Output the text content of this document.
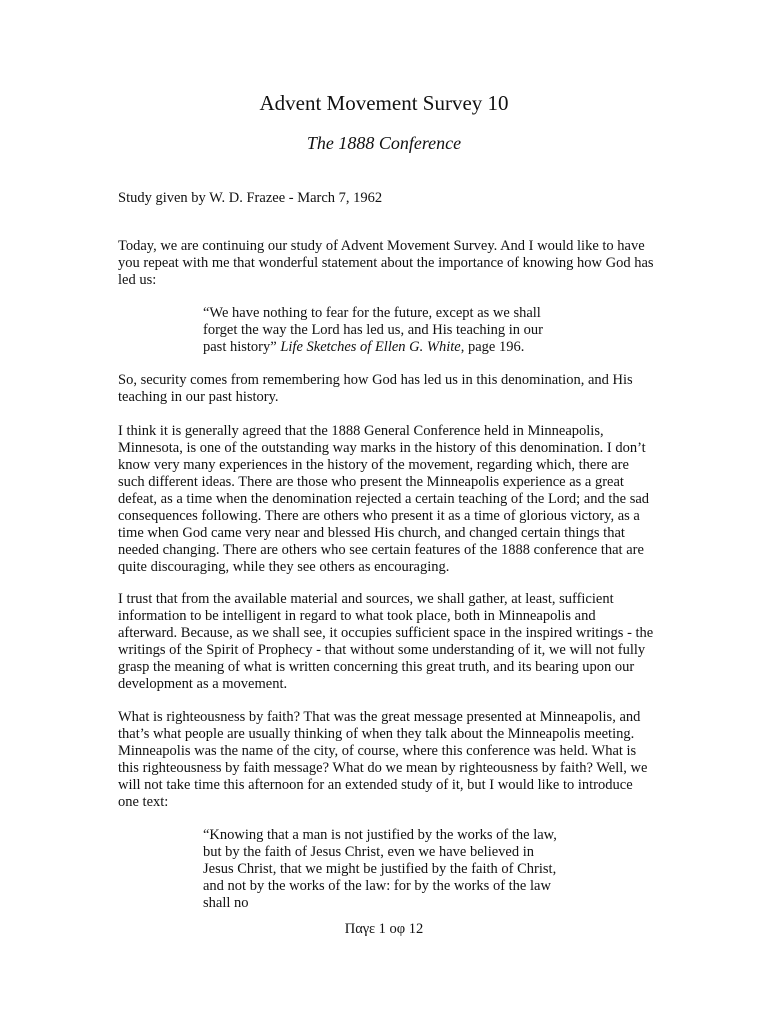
Advent Movement Survey 10
The 1888 Conference
Study given by W. D. Frazee - March 7, 1962

Today, we are continuing our study of Advent Movement Survey. And I would like to have you repeat with me that wonderful statement about the importance of knowing how God has led us:

“We have nothing to fear for the future, except as we shall forget the way the Lord has led us, and His teaching in our past history” Life Sketches of Ellen G. White, page 196.

So, security comes from remembering how God has led us in this denomination, and His teaching in our past history.

I think it is generally agreed that the 1888 General Conference held in Minneapolis, Minnesota, is one of the outstanding way marks in the history of this denomination. I don’t know very many experiences in the history of the movement, regarding which, there are such different ideas. There are those who present the Minneapolis experience as a great defeat, as a time when the denomination rejected a certain teaching of the Lord; and the sad consequences following. There are others who present it as a time of glorious victory, as a time when God came very near and blessed His church, and changed certain things that needed changing. There are others who see certain features of the 1888 conference that are quite discouraging, while they see others as encouraging.

I trust that from the available material and sources, we shall gather, at least, sufficient information to be intelligent in regard to what took place, both in Minneapolis and afterward. Because, as we shall see, it occupies sufficient space in the inspired writings - the writings of the Spirit of Prophecy - that without some understanding of it, we will not fully grasp the meaning of what is written concerning this great truth, and its bearing upon our development as a movement.

What is righteousness by faith? That was the great message presented at Minneapolis, and that’s what people are usually thinking of when they talk about the Minneapolis meeting. Minneapolis was the name of the city, of course, where this conference was held. What is this righteousness by faith message? What do we mean by righteousness by faith? Well, we will not take time this afternoon for an extended study of it, but I would like to introduce one text:

“Knowing that a man is not justified by the works of the law, but by the faith of Jesus Christ, even we have believed in Jesus Christ, that we might be justified by the faith of Christ, and not by the works of the law: for by the works of the law shall no

Παγε 1 οφ 12
